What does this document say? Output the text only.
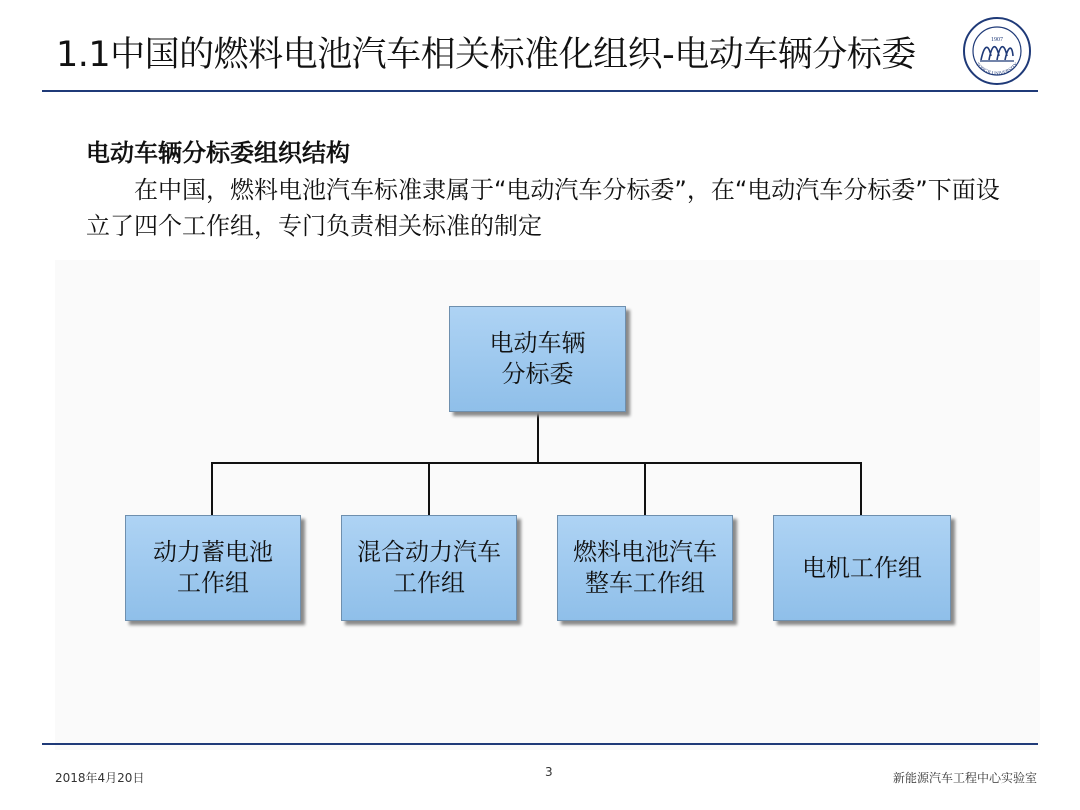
1.1中国的燃料电池汽车相关标准化组织-电动车辆分标委	1907
TONGJI UNIVERSITY
电动车辆分标委组织结构
在中国，燃料电池汽车标准隶属于“电动汽车分标委”，在“电动汽车分标委”下面设立了四个工作组，专门负责相关标准的制定
电动车辆
分标委
动力蓄电池
工作组
混合动力汽车
工作组
燃料电池汽车
整车工作组
电机工作组
2018年4月20日	3	新能源汽车工程中心实验室
